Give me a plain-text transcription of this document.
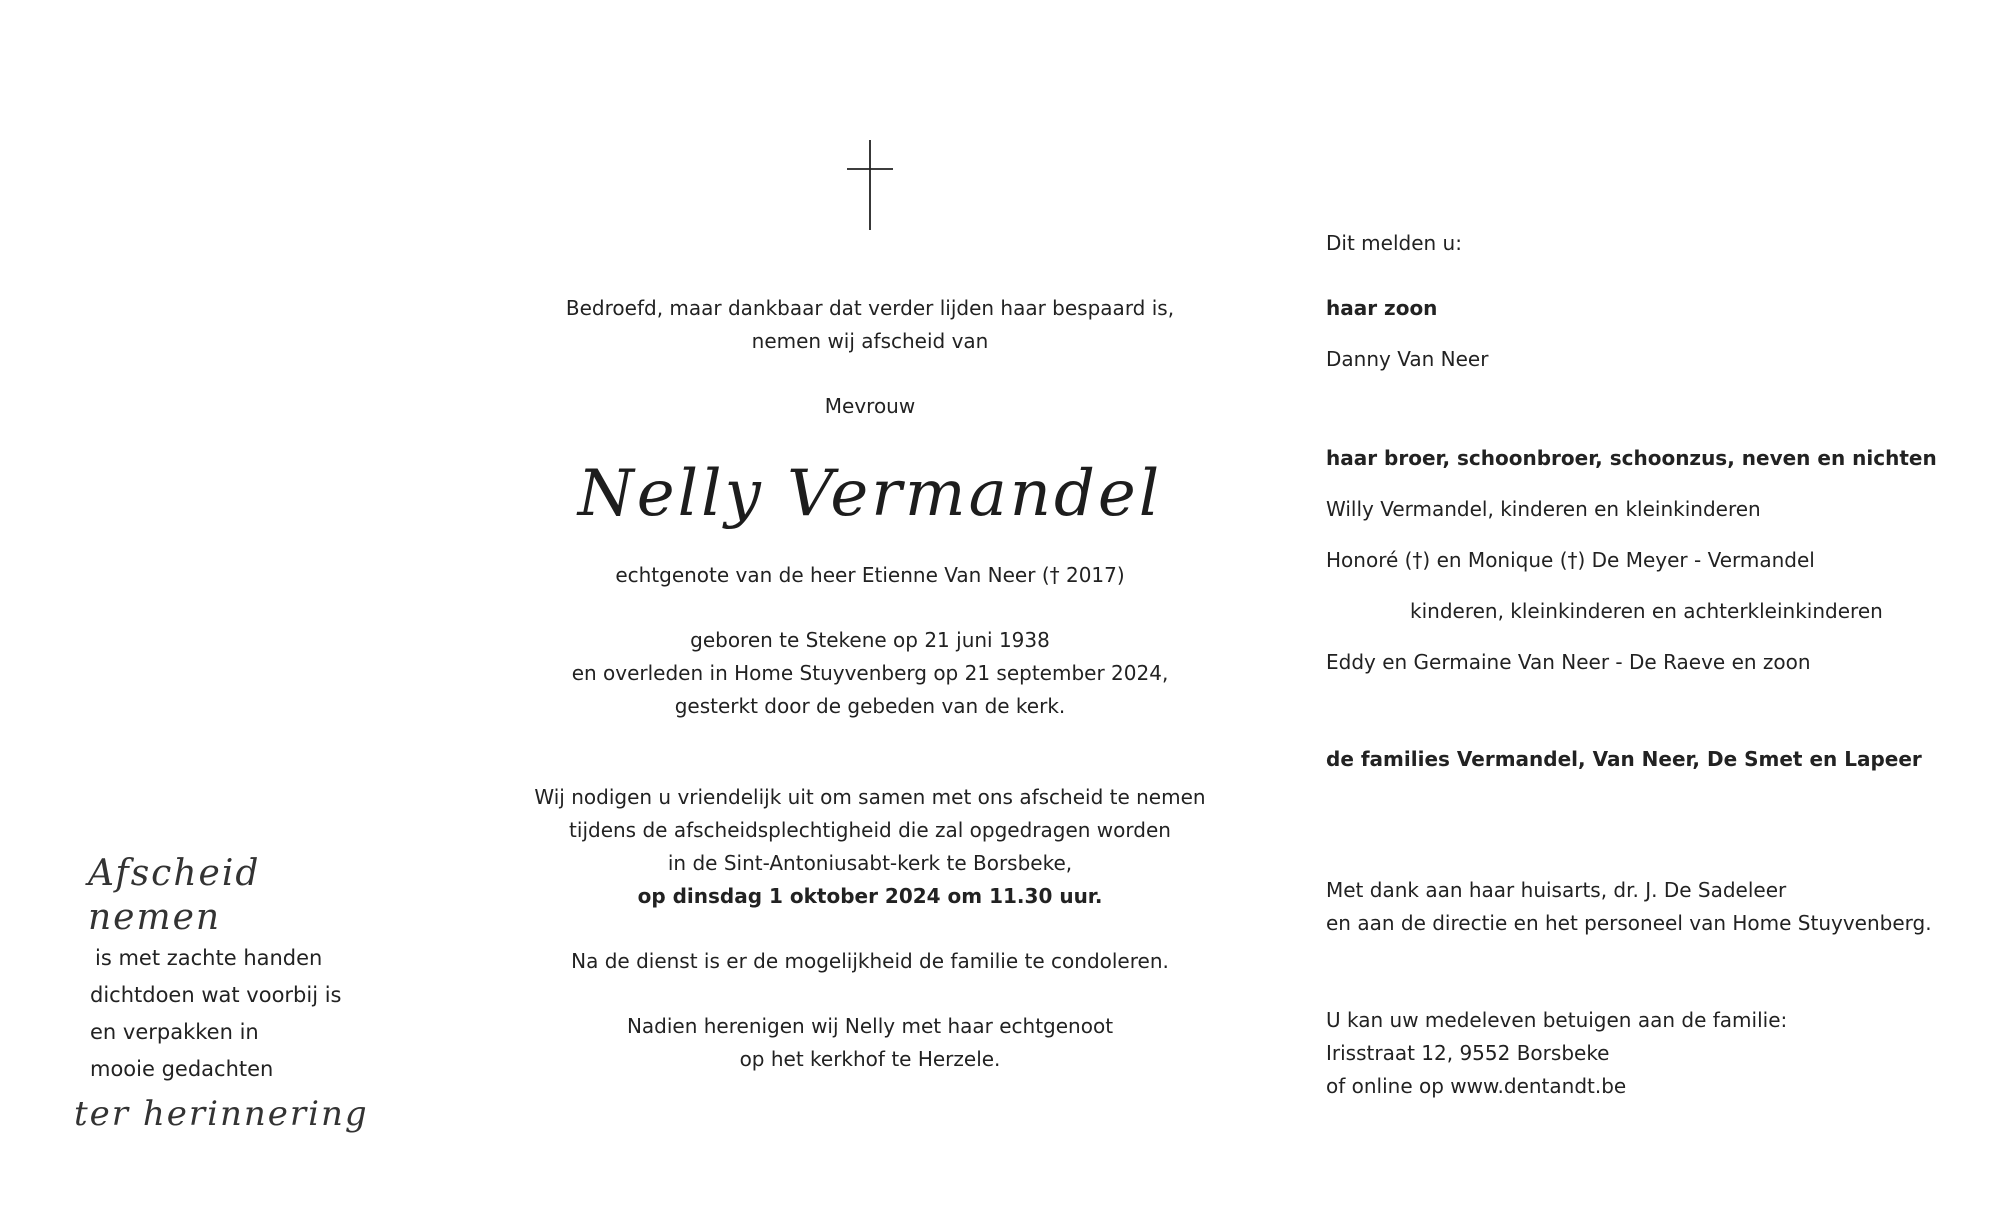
Afscheid nemen
is met zachte handen
dichtdoen wat voorbij is
en verpakken in
mooie gedachten
ter herinnering
Bedroefd, maar dankbaar dat verder lijden haar bespaard is,
nemen wij afscheid van
Mevrouw
Nelly Vermandel
echtgenote van de heer Etienne Van Neer († 2017)
geboren te Stekene op 21 juni 1938
en overleden in Home Stuyvenberg op 21 september 2024,
gesterkt door de gebeden van de kerk.
Wij nodigen u vriendelijk uit om samen met ons afscheid te nemen
tijdens de afscheidsplechtigheid die zal opgedragen worden
in de Sint-Antoniusabt-kerk te Borsbeke,
op dinsdag 1 oktober 2024 om 11.30 uur.
Na de dienst is er de mogelijkheid de familie te condoleren.
Nadien herenigen wij Nelly met haar echtgenoot
op het kerkhof te Herzele.
Dit melden u:
haar zoon
Danny Van Neer
haar broer, schoonbroer, schoonzus, neven en nichten
Willy Vermandel, kinderen en kleinkinderen
Honoré (†) en Monique (†) De Meyer - Vermandel
kinderen, kleinkinderen en achterkleinkinderen
Eddy en Germaine Van Neer - De Raeve en zoon
de families Vermandel, Van Neer, De Smet en Lapeer
Met dank aan haar huisarts, dr. J. De Sadeleer
en aan de directie en het personeel van Home Stuyvenberg.
U kan uw medeleven betuigen aan de familie:
Irisstraat 12, 9552 Borsbeke
of online op www.dentandt.be
